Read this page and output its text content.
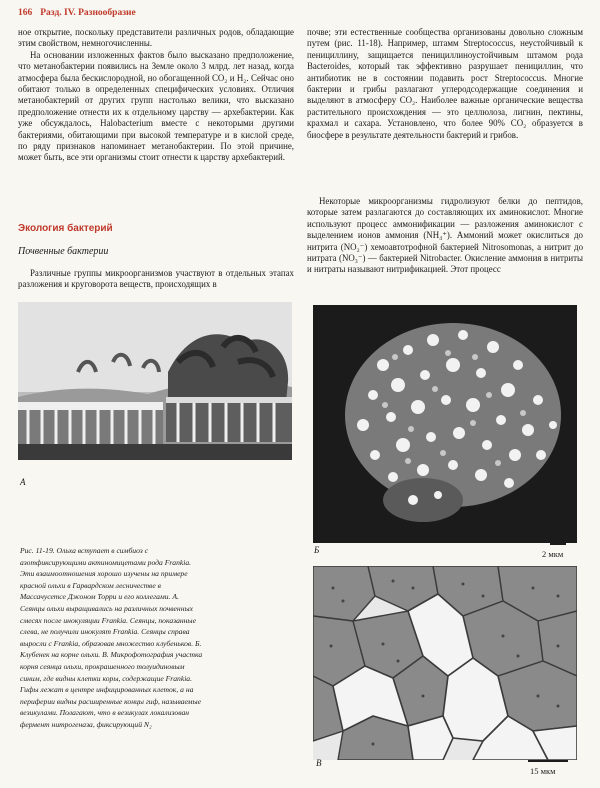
166 Разд. IV. Разнообразие

ное открытие, поскольку представители различных родов, обладающие этим свойством, немногочисленны.

На основании изложенных фактов было высказано предположение, что метанобактерии появились на Земле около 3 млрд. лет назад, когда атмосфера была бескислородной, но обогащенной CO₂ и H₂. Сейчас оно обитают только в определенных специфических условиях. Отличия метанобактерий от других групп настолько велики, что высказано предположение отнести их к отдельному царству — архебактерии. Как уже обсуждалось, Halobacterium вместе с некоторыми другими бактериями, обитающими при высокой температуре и в кислой среде, по ряду признаков напоминает метанобактерии. По этой причине, может быть, все эти организмы стоит отнести к царству архебактерий.

Экология бактерий
Почвенные бактерии

Различные группы микроорганизмов участвуют в отдельных этапах разложения и круговорота веществ, происходящих в

почве; эти естественные сообщества организованы довольно сложным путем (рис. 11-18). Например, штамм Streptococcus, неустойчивый к пенициллину, защищается пенициллиноустойчивым штамом рода Bacteroides, который так эффективно разрушает пенициллин, что антибиотик не в состоянии подавить рост Streptococcus. Многие бактерии и грибы разлагают углеродсодержащие соединения и выделяют в атмосферу CO₂. Наиболее важные органические вещества растительного происхождения — это целлюлоза, лигнин, пектины, крахмал и сахара. Установлено, что более 90% CO₂ образуется в биосфере в результате деятельности бактерий и грибов.

Некоторые микроорганизмы гидролизуют белки до пептидов, которые затем разлагаются до составляющих их аминокислот. Многие используют процесс аммонификации — разложения аминокислот с выделением ионов аммония (NH₄⁺). Аммоний может окислиться до нитрита (NO₂⁻) хемоавтотрофной бактерией Nitrosomonas, а нитрит до нитрата (NO₃⁻) — бактерией Nitrobacter. Окисление аммония в нитриты и нитраты называют нитрификацией. Этот процесс

А
Б	2 мкм
В
15 мкм
Рис. 11-19. Ольха вступает в симбиоз с азотфиксирующими актиномицетами рода Frankia. Эти взаимоотношения хорошо изучены на примере красной ольхи в Гарвардском лесничестве в Массачусетсе Джоном Торри и его коллегами. А. Сеянцы ольхи выращивались на различных почвенных смесях после инокуляции Frankia. Сеянцы, показанные слева, не получили инокулят Frankia. Сеянцы справа выросли с Frankia, образовав множество клубеньков. Б. Клубенек на корне ольхи. В. Микрофотография участка корня сеянца ольхи, прокрашенного толуидиновым синим, где видны клетки коры, содержащие Frankia. Гифы лежат в центре инфицированных клеток, а на периферии видны расширенные концы гиф, называемые везикулами. Полагают, что в везикулах локализован фермент нитрогеназа, фиксирующий N₂
